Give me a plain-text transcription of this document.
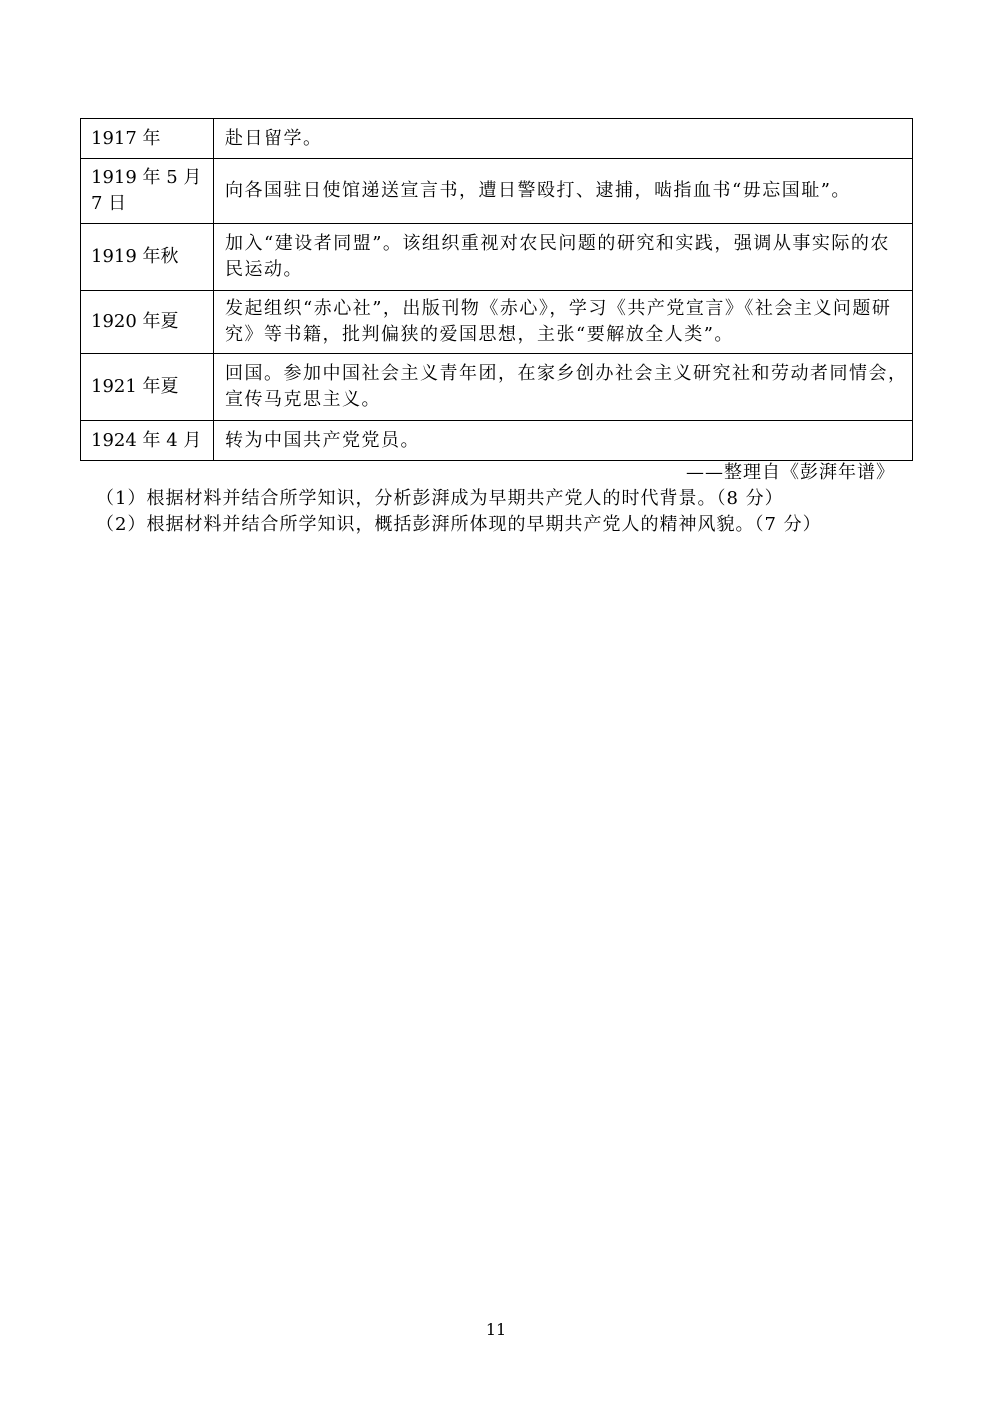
1917 年	赴日留学。
1919 年 5 月 7 日	向各国驻日使馆递送宣言书，遭日警殴打、逮捕，啮指血书“毋忘国耻”。
1919 年秋	加入“建设者同盟”。该组织重视对农民问题的研究和实践，强调从事实际的农民运动。
1920 年夏	发起组织“赤心社”，出版刊物《赤心》，学习《共产党宣言》《社会主义问题研究》等书籍，批判偏狭的爱国思想，主张“要解放全人类”。
1921 年夏	回国。参加中国社会主义青年团，在家乡创办社会主义研究社和劳动者同情会，宣传马克思主义。
1924 年 4 月	转为中国共产党党员。
——整理自《彭湃年谱》
（1）根据材料并结合所学知识，分析彭湃成为早期共产党人的时代背景。（8 分）
（2）根据材料并结合所学知识，概括彭湃所体现的早期共产党人的精神风貌。（7 分）
11
